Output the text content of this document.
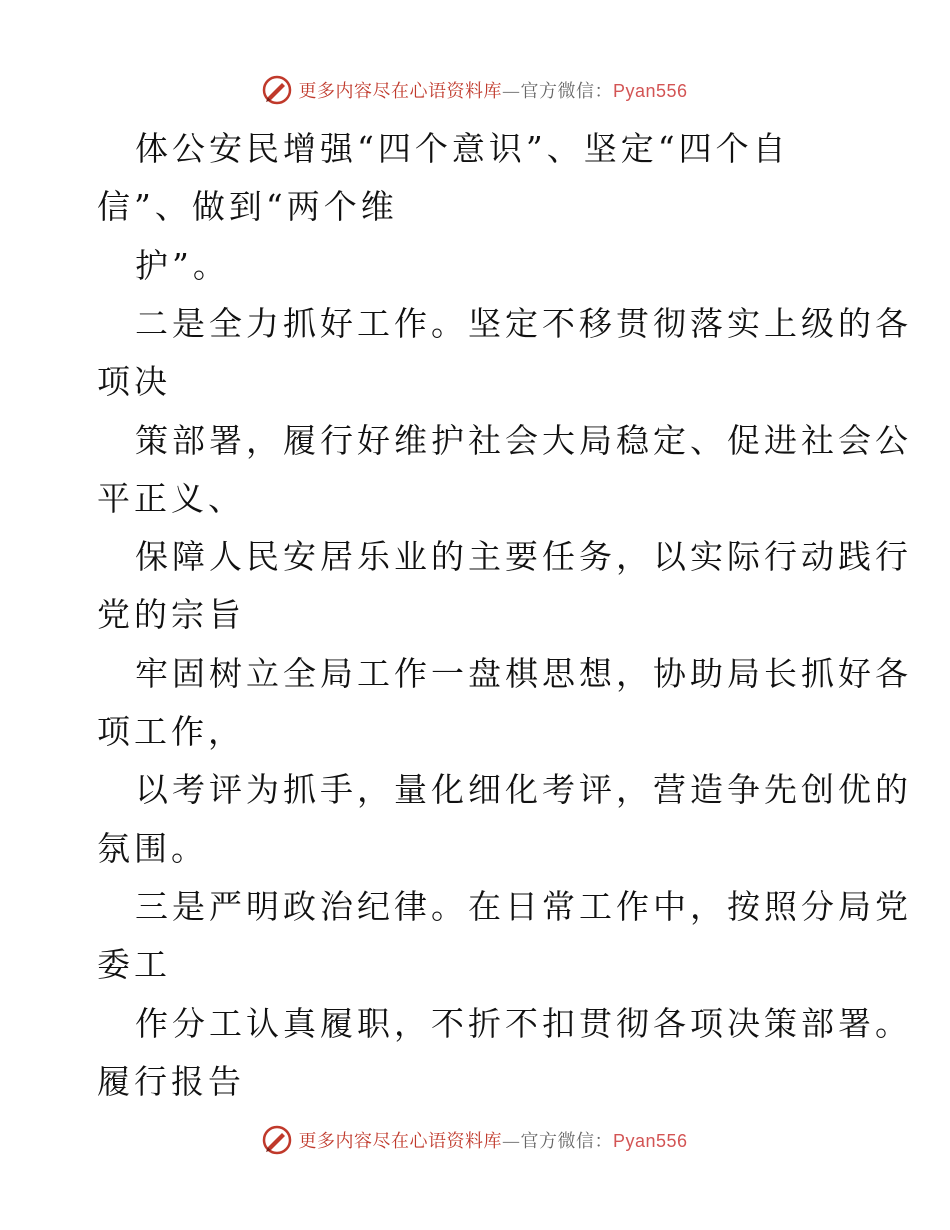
更多内容尽在心语资料库—官方微信：Pyan556
体公安民增强“四个意识”、坚定“四个自
信”、做到“两个维
护”。
二是全力抓好工作。坚定不移贯彻落实上级的各
项决
策部署，履行好维护社会大局稳定、促进社会公
平正义、
保障人民安居乐业的主要任务，以实际行动践行
党的宗旨
牢固树立全局工作一盘棋思想，协助局长抓好各
项工作，
以考评为抓手，量化细化考评，营造争先创优的
氛围。
三是严明政治纪律。在日常工作中，按照分局党
委工
作分工认真履职，不折不扣贯彻各项决策部署。
履行报告
更多内容尽在心语资料库—官方微信：Pyan556
